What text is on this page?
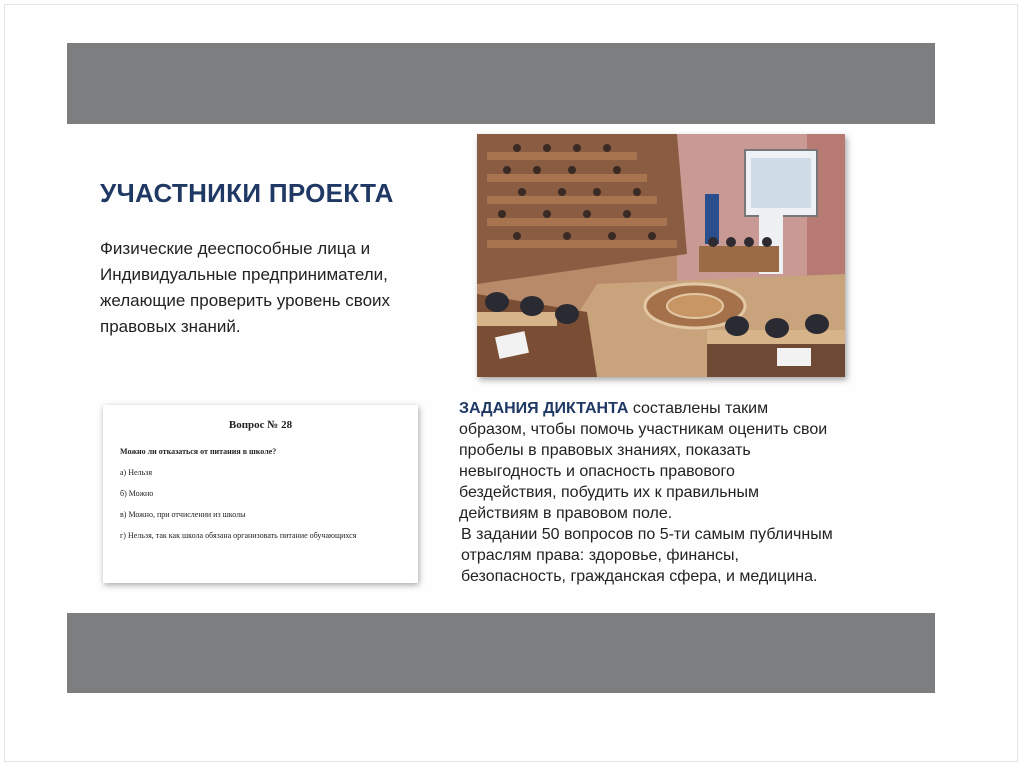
УЧАСТНИКИ ПРОЕКТА

Физические дееспособные лица и
Индивидуальные предприниматели,
желающие проверить уровень своих
правовых знаний.

Вопрос № 28
Можно ли отказаться от питания в школе?
а) Нельзя
б) Можно
в) Можно, при отчислении из школы
г) Нельзя, так как школа обязана организовать питание обучающихся

ЗАДАНИЯ ДИКТАНТА составлены таким
образом, чтобы помочь участникам оценить свои
пробелы в правовых знаниях, показать
невыгодность и опасность правового
бездействия, побудить их к правильным
действиям в правовом поле.

В задании 50 вопросов по 5-ти самым публичным
отраслям права: здоровье, финансы,
безопасность, гражданская сфера, и медицина.
